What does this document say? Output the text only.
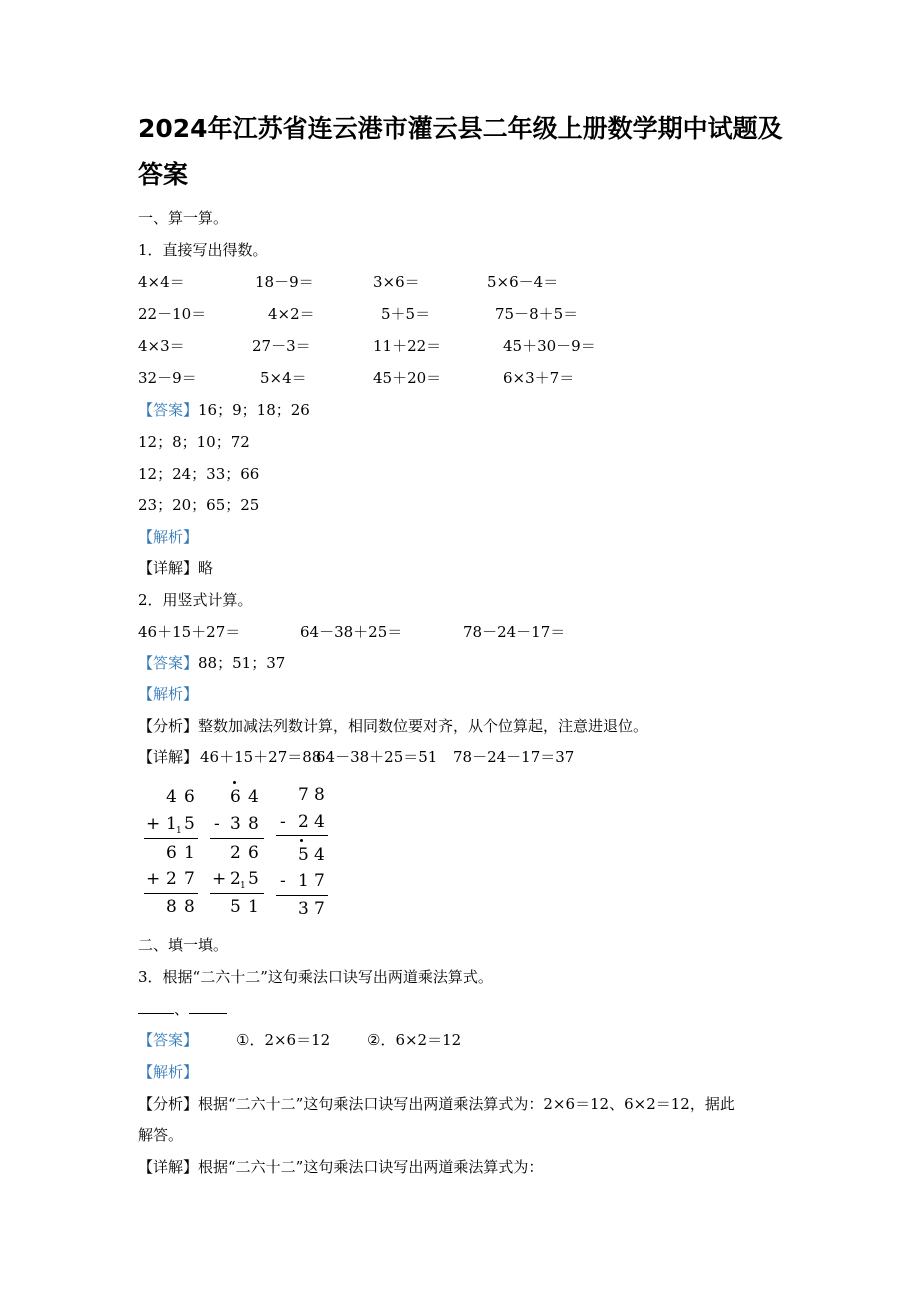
2024年江苏省连云港市灌云县二年级上册数学期中试题及
答案
一、算一算。
1．直接写出得数。
4×4＝	18－9＝	3×6＝	5×6－4＝
22－10＝	4×2＝	5＋5＝	75－8＋5＝
4×3＝	27－3＝	11＋22＝	45＋30－9＝
32－9＝	5×4＝	45＋20＝	6×3＋7＝
【答案】16；9；18；26
12；8；10；72
12；24；33；66
23；20；65；25
【解析】
【详解】略
2．用竖式计算。
46＋15＋27＝	64－38＋25＝	78－24－17＝
【答案】88；51；37
【解析】
【分析】整数加减法列数计算，相同数位要对齐，从个位算起，注意进退位。
【详解】 46＋15＋27＝88
64－38＋25＝51 78－24－17＝37
4 6
+ 1 1 5
6 1
+ 2 7
8 8
6 4
- 3 8
2 6
+ 2 1 5
5 1
7 8
- 2 4
5 4
- 1 7
3 7
二、填一填。
3．根据“二六十二”这句乘法口诀写出两道乘法算式。
、
【答案】	①．2×6＝12 ②．6×2＝12
【解析】
【分析】根据“二六十二”这句乘法口诀写出两道乘法算式为：2×6＝12、6×2＝12，据此
解答。
【详解】根据“二六十二”这句乘法口诀写出两道乘法算式为：
